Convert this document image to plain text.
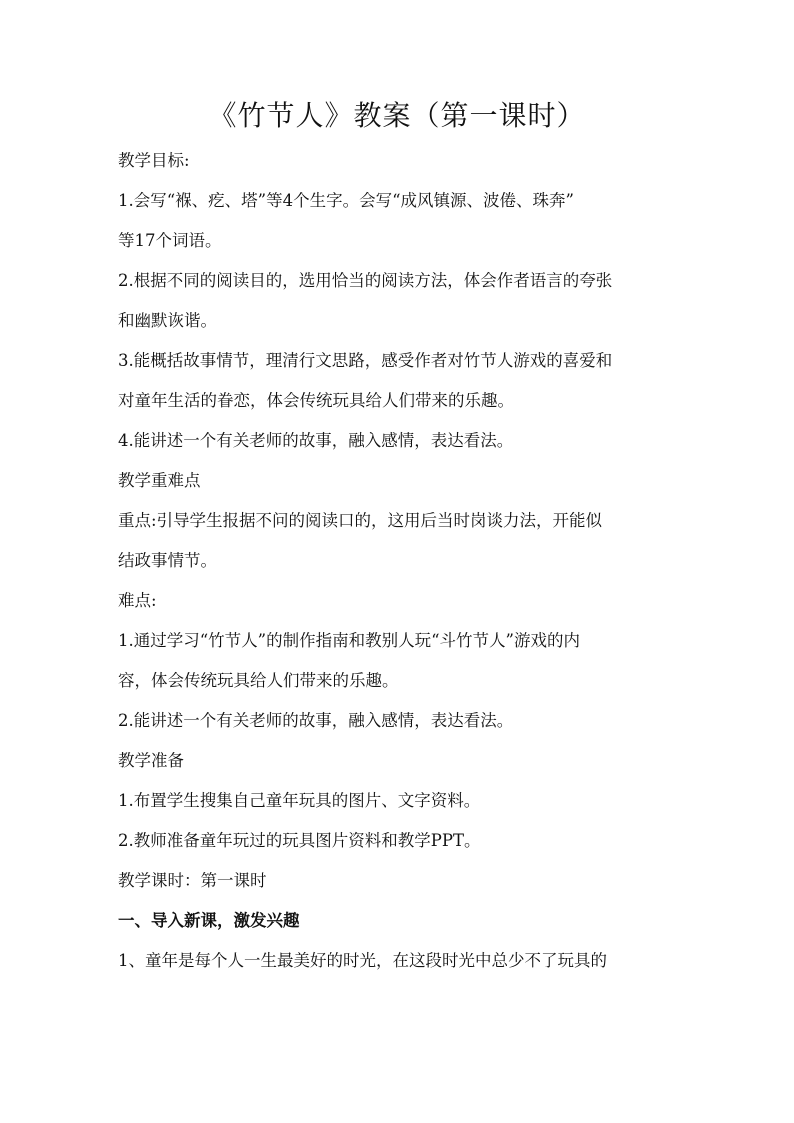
《竹节人》教案（第一课时）
教学目标:
1.会写“褓、疙、塔”等4个生字。会写“成风镇源、波倦、珠奔”
等17个词语。
2.根据不同的阅读目的，选用恰当的阅读方法，体会作者语言的夸张
和幽默诙谐。
3.能概括故事情节，理清行文思路，感受作者对竹节人游戏的喜爱和
对童年生活的眷恋，体会传统玩具给人们带来的乐趣。
4.能讲述一个有关老师的故事，融入感情，表达看法。
教学重难点
重点:引导学生报据不问的阅读口的，这用后当时岗谈力法，开能似
结政事情节。
难点:
1.通过学习“竹节人”的制作指南和教别人玩“斗竹节人”游戏的内
容，体会传统玩具给人们带来的乐趣。
2.能讲述一个有关老师的故事，融入感情，表达看法。
教学准备
1.布置学生搜集自己童年玩具的图片、文字资料。
2.教师准备童年玩过的玩具图片资料和教学PPT。
教学课时：第一课时
一、导入新课，激发兴趣
1、童年是每个人一生最美好的时光，在这段时光中总少不了玩具的
